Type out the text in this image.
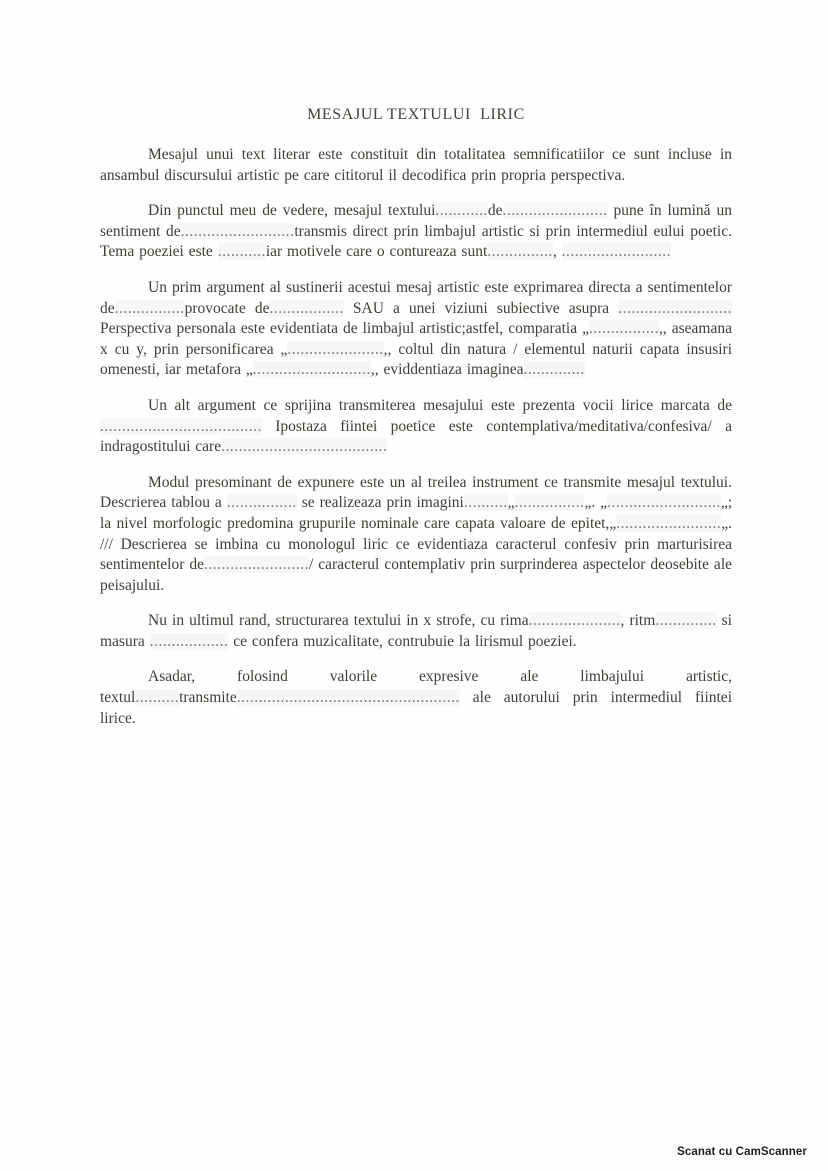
MESAJUL TEXTULUI  LIRIC

Mesajul unui text literar este constituit din totalitatea semnificatiilor ce sunt incluse in ansambul discursului artistic pe care cititorul il decodifica prin propria perspectiva.

Din punctul meu de vedere, mesajul textului............de........................ pune în lumină un sentiment de..........................transmis direct prin limbajul artistic si prin intermediul eului poetic. Tema poeziei este ...........iar motivele care o contureaza sunt..............., .........................

Un prim argument al sustinerii acestui mesaj artistic este exprimarea directa a sentimentelor de................provocate de................. SAU a unei viziuni subiective asupra .......................... Perspectiva personala este evidentiata de limbajul artistic;astfel, comparatia „................,, aseamana x cu y, prin personificarea „......................,, coltul din natura / elementul naturii capata insusiri omenesti, iar metafora „...........................,, eviddentiaza imaginea..............

Un alt argument ce sprijina transmiterea mesajului este prezenta vocii lirice marcata de ..................................... Ipostaza fiintei poetice este contemplativa/meditativa/confesiva/ a indragostitului care......................................

Modul presominant de expunere este un al treilea instrument ce transmite mesajul textului. Descrierea tablou a ................ se realizeaza prin imagini..........„................„. „..........................„; la nivel morfologic predomina grupurile nominale care capata valoare de epitet,„........................„. /// Descrierea se imbina cu monologul liric ce evidentiaza caracterul confesiv prin marturisirea sentimentelor de......................../ caracterul contemplativ prin surprinderea aspectelor deosebite ale peisajului.

Nu in ultimul rand, structurarea textului in x strofe, cu rima....................., ritm.............. si masura .................. ce confera muzicalitate, contrubuie la lirismul poeziei.

Asadar, folosind valorile expresive ale limbajului artistic, textul..........transmite................................................... ale autorului prin intermediul fiintei lirice.

Scanat cu CamScanner
